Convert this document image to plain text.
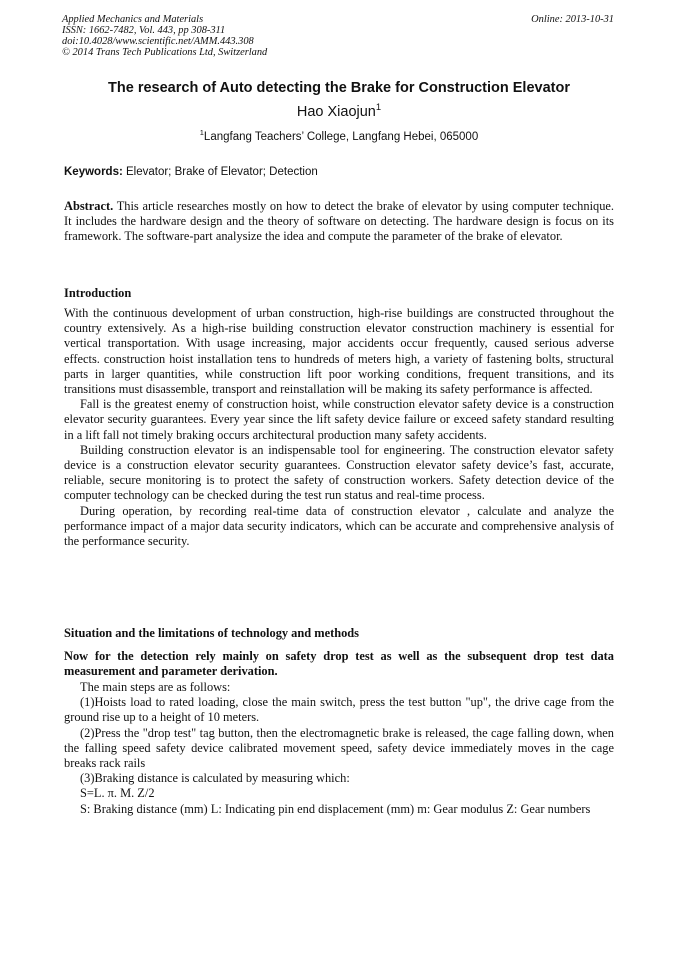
Applied Mechanics and Materials
ISSN: 1662-7482, Vol. 443, pp 308-311
doi:10.4028/www.scientific.net/AMM.443.308
© 2014 Trans Tech Publications Ltd, Switzerland
Online: 2013-10-31
The research of Auto detecting the Brake for Construction Elevator
Hao Xiaojun$^1$
$^1$Langfang Teachers’ College, Langfang Hebei, 065000
Keywords: Elevator; Brake of Elevator; Detection

Abstract. This article researches mostly on how to detect the brake of elevator by using computer technique. It includes the hardware design and the theory of software on detecting. The hardware design is focus on its framework. The software-part analysize the idea and compute the parameter of the brake of elevator.

Introduction

With the continuous development of urban construction, high-rise buildings are constructed throughout the country extensively. As a high-rise building construction elevator construction machinery is essential for vertical transportation. With usage increasing, major accidents occur frequently, caused serious adverse effects. construction hoist installation tens to hundreds of meters high, a variety of fastening bolts, structural parts in larger quantities, while construction lift poor working conditions, frequent transitions, and its transitions must disassemble, transport and reinstallation will be making its safety performance is affected.

Fall is the greatest enemy of construction hoist, while construction elevator safety device is a construction elevator security guarantees. Every year since the lift safety device failure or exceed safety standard resulting in a lift fall not timely braking occurs architectural production many safety accidents.

Building construction elevator is an indispensable tool for engineering. The construction elevator safety device is a construction elevator security guarantees. Construction elevator safety device’s fast, accurate, reliable, secure monitoring is to protect the safety of construction workers. Safety detection device of the computer technology can be checked during the test run status and real-time process.

During operation, by recording real-time data of construction elevator , calculate and analyze the performance impact of a major data security indicators, which can be accurate and comprehensive analysis of the performance security.

Situation and the limitations of technology and methods
Now for the detection rely mainly on safety drop test as well as the subsequent drop test data measurement and parameter derivation.

The main steps are as follows:

(1)Hoists load to rated loading, close the main switch, press the test button "up", the drive cage from the ground rise up to a height of 10 meters.

(2)Press the "drop test" tag button, then the electromagnetic brake is released, the cage falling down, when the falling speed safety device calibrated movement speed, safety device immediately moves in the cage breaks rack rails

(3)Braking distance is calculated by measuring which:

S=L. π. M. Z/2

S: Braking distance (mm) L: Indicating pin end displacement (mm) m: Gear modulus Z: Gear numbers
